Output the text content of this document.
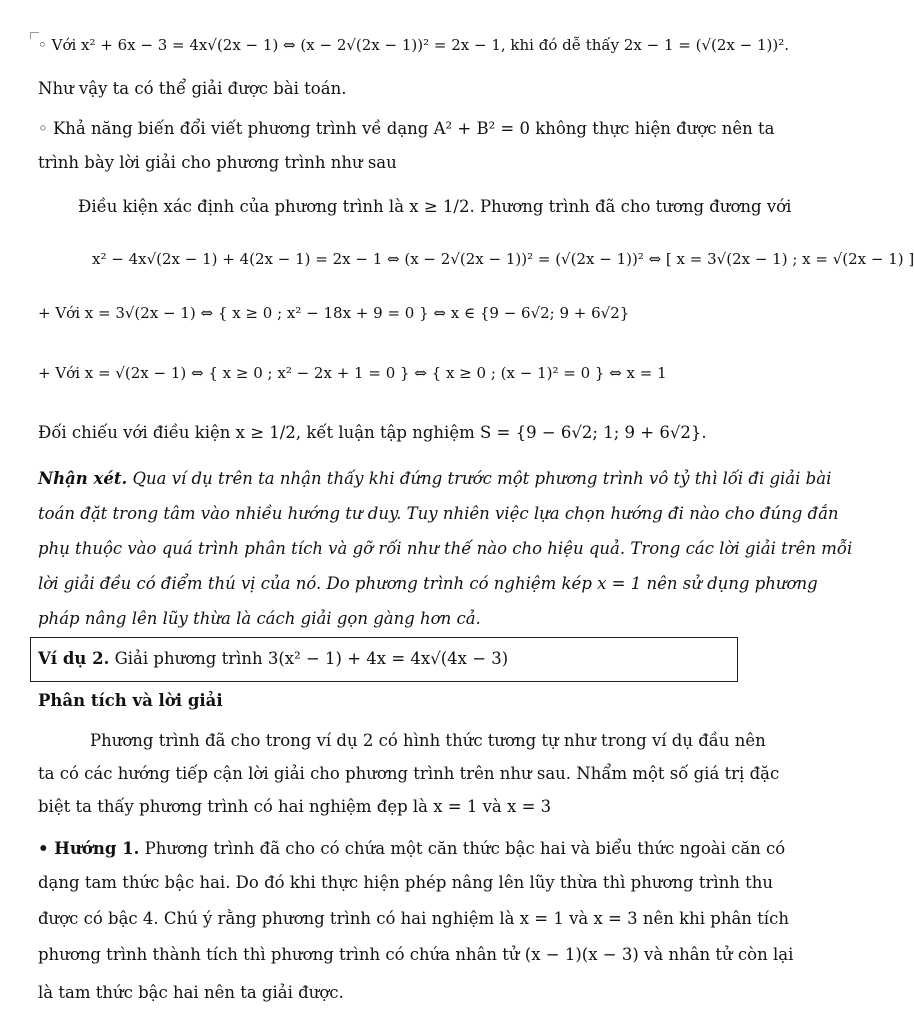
◦ Với x² + 6x − 3 = 4x√(2x − 1) ⇔ (x − 2√(2x − 1))² = 2x − 1, khi đó dễ thấy 2x − 1 = (√(2x − 1))².
Như vậy ta có thể giải được bài toán.
◦ Khả năng biến đổi viết phương trình về dạng A² + B² = 0 không thực hiện được nên ta
trình bày lời giải cho phương trình như sau
Điều kiện xác định của phương trình là x ≥ 1/2. Phương trình đã cho tương đương với
x² − 4x√(2x − 1) + 4(2x − 1) = 2x − 1 ⇔ (x − 2√(2x − 1))² = (√(2x − 1))² ⇔ [ x = 3√(2x − 1) ; x = √(2x − 1) ]
+ Với x = 3√(2x − 1) ⇔ { x ≥ 0 ; x² − 18x + 9 = 0 } ⇔ x ∈ {9 − 6√2; 9 + 6√2}
+ Với x = √(2x − 1) ⇔ { x ≥ 0 ; x² − 2x + 1 = 0 } ⇔ { x ≥ 0 ; (x − 1)² = 0 } ⇔ x = 1
Đối chiếu với điều kiện x ≥ 1/2, kết luận tập nghiệm S = {9 − 6√2; 1; 9 + 6√2}.
Nhận xét. Qua ví dụ trên ta nhận thấy khi đứng trước một phương trình vô tỷ thì lối đi giải bài
toán đặt trong tâm vào nhiều hướng tư duy. Tuy nhiên việc lựa chọn hướng đi nào cho đúng đắn
phụ thuộc vào quá trình phân tích và gỡ rối như thế nào cho hiệu quả. Trong các lời giải trên mỗi
lời giải đều có điểm thú vị của nó. Do phương trình có nghiệm kép x = 1 nên sử dụng phương
pháp nâng lên lũy thừa là cách giải gọn gàng hơn cả.
Ví dụ 2. Giải phương trình 3(x² − 1) + 4x = 4x√(4x − 3)
Phân tích và lời giải
Phương trình đã cho trong ví dụ 2 có hình thức tương tự như trong ví dụ đầu nên
ta có các hướng tiếp cận lời giải cho phương trình trên như sau. Nhẩm một số giá trị đặc
biệt ta thấy phương trình có hai nghiệm đẹp là x = 1 và x = 3
• Hướng 1. Phương trình đã cho có chứa một căn thức bậc hai và biểu thức ngoài căn có
dạng tam thức bậc hai. Do đó khi thực hiện phép nâng lên lũy thừa thì phương trình thu
được có bậc 4. Chú ý rằng phương trình có hai nghiệm là x = 1 và x = 3 nên khi phân tích
phương trình thành tích thì phương trình có chứa nhân tử (x − 1)(x − 3) và nhân tử còn lại
là tam thức bậc hai nên ta giải được.
